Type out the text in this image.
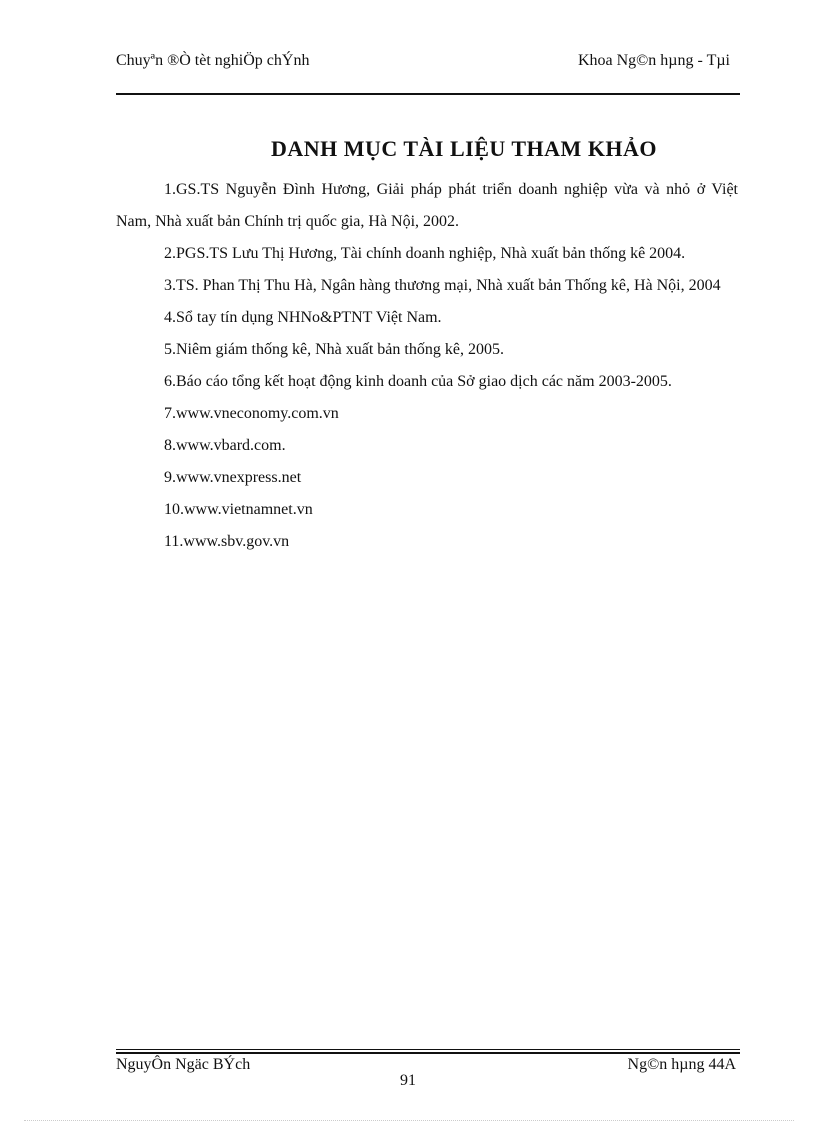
Chuyªn ®Ò tèt nghiÖp chÝnh	Khoa Ng©n hµng - Tµi
DANH MỤC TÀI LIỆU THAM KHẢO

1.GS.TS Nguyễn Đình Hương, Giải pháp phát triển doanh nghiệp vừa và nhỏ ở Việt Nam, Nhà xuất bản Chính trị quốc gia, Hà Nội, 2002.

2.PGS.TS Lưu Thị Hương, Tài chính doanh nghiệp, Nhà xuất bản thống kê 2004.

3.TS. Phan Thị Thu Hà, Ngân hàng thương mại, Nhà xuất bản Thống kê, Hà Nội, 2004

4.Sổ tay tín dụng NHNo&PTNT Việt Nam.

5.Niêm giám thống kê, Nhà xuất bản thống kê, 2005.

6.Báo cáo tổng kết hoạt động kinh doanh của Sở giao dịch các năm 2003-2005.

7.www.vneconomy.com.vn

8.www.vbard.com.

9.www.vnexpress.net

10.www.vietnamnet.vn

11.www.sbv.gov.vn

NguyÔn Ngäc BÝch	Ng©n hµng 44A
91
